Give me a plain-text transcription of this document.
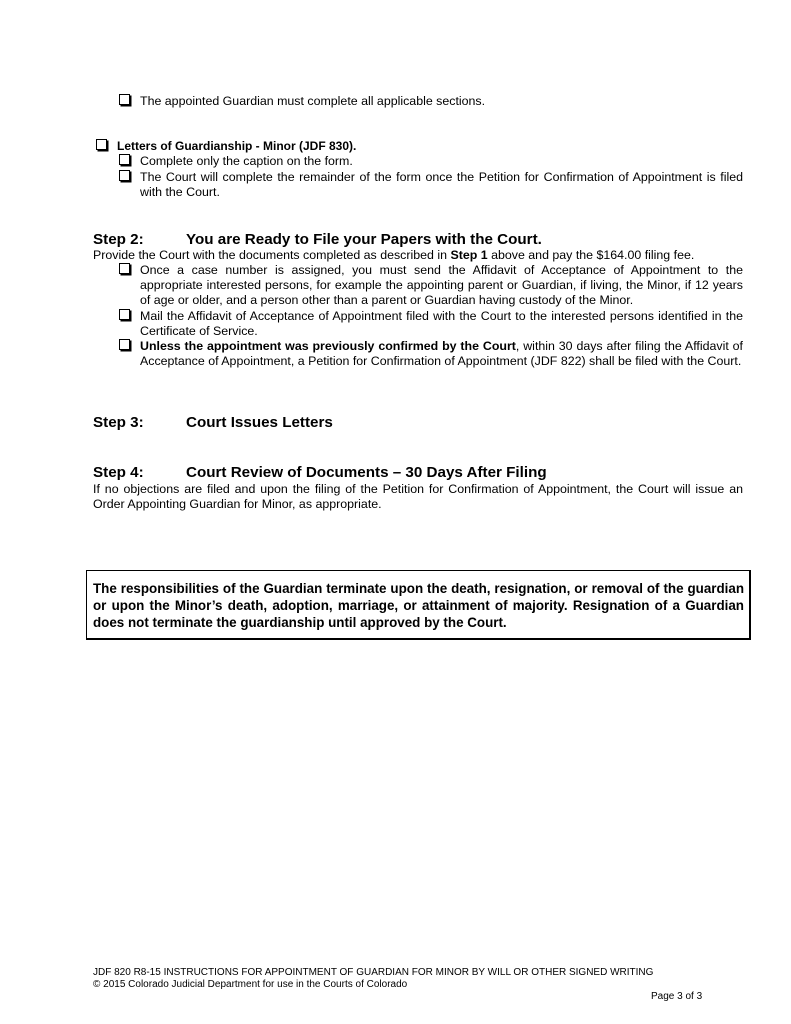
The appointed Guardian must complete all applicable sections.
Letters of Guardianship - Minor (JDF 830).
Complete only the caption on the form.
The Court will complete the remainder of the form once the Petition for Confirmation of Appointment is filed with the Court.
Step 2:	You are Ready to File your Papers with the Court.
Provide the Court with the documents completed as described in Step 1 above and pay the $164.00 filing fee.
Once a case number is assigned, you must send the Affidavit of Acceptance of Appointment to the appropriate interested persons, for example the appointing parent or Guardian, if living, the Minor, if 12 years of age or older, and a person other than a parent or Guardian having custody of the Minor.
Mail the Affidavit of Acceptance of Appointment filed with the Court to the interested persons identified in the Certificate of Service.
Unless the appointment was previously confirmed by the Court, within 30 days after filing the Affidavit of Acceptance of Appointment, a Petition for Confirmation of Appointment (JDF 822) shall be filed with the Court.
Step 3:	Court Issues Letters
Step 4:	Court Review of Documents – 30 Days After Filing
If no objections are filed and upon the filing of the Petition for Confirmation of Appointment, the Court will issue an Order Appointing Guardian for Minor, as appropriate.

The responsibilities of the Guardian terminate upon the death, resignation, or removal of the guardian or upon the Minor’s death, adoption, marriage, or attainment of majority. Resignation of a Guardian does not terminate the guardianship until approved by the Court.

JDF 820 R8-15 INSTRUCTIONS FOR APPOINTMENT OF GUARDIAN FOR MINOR BY WILL OR OTHER SIGNED WRITING
© 2015 Colorado Judicial Department for use in the Courts of Colorado
Page 3 of 3
